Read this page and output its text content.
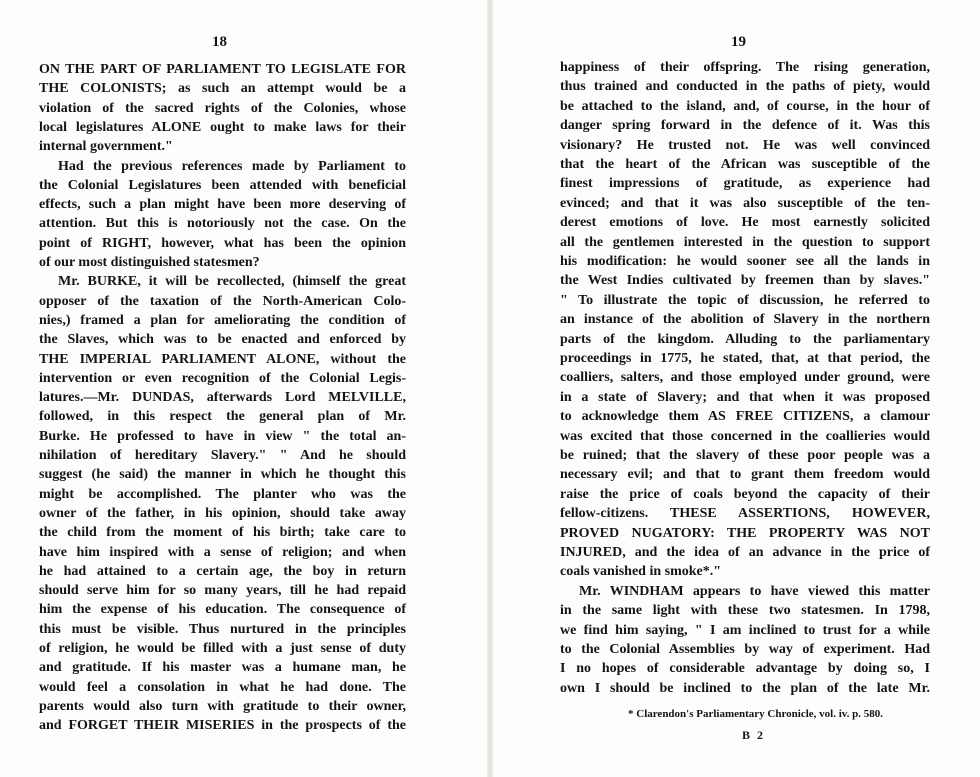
18
ON THE PART OF PARLIAMENT TO LEGISLATE FOR
THE COLONISTS; as such an attempt would be a
violation of the sacred rights of the Colonies, whose
local legislatures ALONE ought to make laws for their
internal government."
Had the previous references made by Parliament to
the Colonial Legislatures been attended with beneficial
effects, such a plan might have been more deserving of
attention. But this is notoriously not the case. On the
point of RIGHT, however, what has been the opinion
of our most distinguished statesmen?
Mr. BURKE, it will be recollected, (himself the great
opposer of the taxation of the North-American Colo-
nies,) framed a plan for ameliorating the condition of
the Slaves, which was to be enacted and enforced by
THE IMPERIAL PARLIAMENT ALONE, without the
intervention or even recognition of the Colonial Legis-
latures.—Mr. DUNDAS, afterwards Lord MELVILLE,
followed, in this respect the general plan of Mr.
Burke. He professed to have in view " the total an-
nihilation of hereditary Slavery." " And he should
suggest (he said) the manner in which he thought this
might be accomplished. The planter who was the
owner of the father, in his opinion, should take away
the child from the moment of his birth; take care to
have him inspired with a sense of religion; and when
he had attained to a certain age, the boy in return
should serve him for so many years, till he had repaid
him the expense of his education. The consequence of
this must be visible. Thus nurtured in the principles
of religion, he would be filled with a just sense of duty
and gratitude. If his master was a humane man, he
would feel a consolation in what he had done. The
parents would also turn with gratitude to their owner,
and FORGET THEIR MISERIES in the prospects of the
19
happiness of their offspring. The rising generation,
thus trained and conducted in the paths of piety, would
be attached to the island, and, of course, in the hour of
danger spring forward in the defence of it. Was this
visionary? He trusted not. He was well convinced
that the heart of the African was susceptible of the
finest impressions of gratitude, as experience had
evinced; and that it was also susceptible of the ten-
derest emotions of love. He most earnestly solicited
all the gentlemen interested in the question to support
his modification: he would sooner see all the lands in
the West Indies cultivated by freemen than by slaves."
" To illustrate the topic of discussion, he referred to
an instance of the abolition of Slavery in the northern
parts of the kingdom. Alluding to the parliamentary
proceedings in 1775, he stated, that, at that period, the
coalliers, salters, and those employed under ground, were
in a state of Slavery; and that when it was proposed
to acknowledge them AS FREE CITIZENS, a clamour
was excited that those concerned in the coallieries would
be ruined; that the slavery of these poor people was a
necessary evil; and that to grant them freedom would
raise the price of coals beyond the capacity of their
fellow-citizens. THESE ASSERTIONS, HOWEVER,
PROVED NUGATORY: THE PROPERTY WAS NOT
INJURED, and the idea of an advance in the price of
coals vanished in smoke*."
Mr. WINDHAM appears to have viewed this matter
in the same light with these two statesmen. In 1798,
we find him saying, " I am inclined to trust for a while
to the Colonial Assemblies by way of experiment. Had
I no hopes of considerable advantage by doing so, I
own I should be inclined to the plan of the late Mr.
* Clarendon's Parliamentary Chronicle, vol. iv. p. 580.
B 2
